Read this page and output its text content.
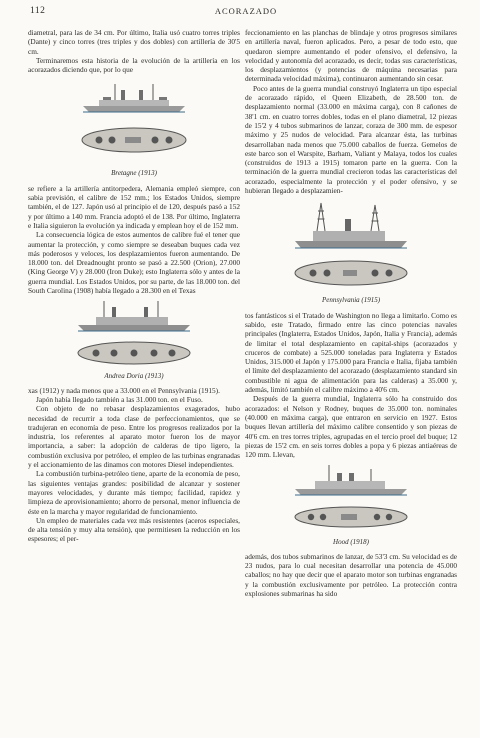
112	ACORAZADO

diametral, para las de 34 cm. Por último, Italia usó cuatro torres triples (Dante) y cinco torres (tres triples y dos dobles) con artillería de 30'5 cm.

Terminaremos esta historia de la evolución de la artillería en los acorazados diciendo que, por lo que

Bretagne (1913)

se refiere a la artillería antitorpedera, Alemania empleó siempre, con sabia previsión, el calibre de 152 mm.; los Estados Unidos, siempre también, el de 127. Japón usó al principio el de 120, después pasó a 152 y por último a 140 mm. Francia adoptó el de 138. Por último, Inglaterra e Italia siguieron la evolución ya indicada y emplean hoy el de 152 mm.

La consecuencia lógica de estos aumentos de calibre fué el tener que aumentar la protección, y como siempre se deseaban buques cada vez más poderosos y veloces, los desplazamientos fueron aumentando. De 18.000 ton. del Dreadnought pronto se pasó a 22.500 (Orion), 27.000 (King George V) y 28.000 (Iron Duke); esto Inglaterra sólo y antes de la guerra mundial. Los Estados Unidos, por su parte, de las 18.000 ton. del South Carolina (1908) había llegado a 28.300 en el Texas

Andrea Doria (1913)

xas (1912) y nada menos que a 33.000 en el Pennsylvania (1915).

Japón había llegado también a las 31.000 ton. en el Fuso.

Con objeto de no rebasar desplazamientos exagerados, hubo necesidad de recurrir a toda clase de perfeccionamientos, que se tradujeran en economía de peso. Entre los progresos realizados por la industria, los referentes al aparato motor fueron los de mayor importancia, a saber: la adopción de calderas de tipo ligero, la combustión exclusiva por petróleo, el empleo de las turbinas engranadas y el accionamiento de las dinamos con motores Diesel independientes.

La combustión turbina-petróleo tiene, aparte de la economía de peso, las siguientes ventajas grandes: posibilidad de alcanzar y sostener mayores velocidades, y durante más tiempo; facilidad, rapidez y limpieza de aprovisionamiento; ahorro de personal, menor influencia de éste en la marcha y mayor regularidad de funcionamiento.

Un empleo de materiales cada vez más resistentes (aceros especiales, de alta tensión y muy alta tensión), que permitiesen la reducción en los espesores; el per-

feccionamiento en las planchas de blindaje y otros progresos similares en artillería naval, fueron aplicados. Pero, a pesar de todo esto, que quedaron siempre aumentando el poder ofensivo, el defensivo, la velocidad y autonomía del acorazado, es decir, todas sus características, los desplazamientos (y potencias de máquina necesarias para determinada velocidad máxima), continuaron aumentando sin cesar.

Poco antes de la guerra mundial construyó Inglaterra un tipo especial de acorazado rápido, el Queen Elizabeth, de 28.500 ton. de desplazamiento normal (33.000 en máxima carga), con 8 cañones de 38'1 cm. en cuatro torres dobles, todas en el plano diametral, 12 piezas de 15'2 y 4 tubos submarinos de lanzar, coraza de 300 mm. de espesor máximo y 25 nudos de velocidad. Para alcanzar ésta, las turbinas desarrollaban nada menos que 75.000 caballos de fuerza. Gemelos de este barco son el Warspite, Barham, Valiant y Malaya, todos los cuales (construidos de 1913 a 1915) tomaron parte en la guerra. Con la terminación de la guerra mundial crecieron todas las características del acorazado, especialmente la protección y el poder ofensivo, y se hubieran llegado a desplazamien-

Pennsylvania (1915)

tos fantásticos si el Tratado de Washington no llega a limitarlo. Como es sabido, este Tratado, firmado entre las cinco potencias navales principales (Inglaterra, Estados Unidos, Japón, Italia y Francia), además de limitar el total desplazamiento en capital-ships (acorazados y cruceros de combate) a 525.000 toneladas para Inglaterra y Estados Unidos, 315.000 el Japón y 175.000 para Francia e Italia, fijaba también el límite del desplazamiento del acorazado (desplazamiento standard sin combustible ni agua de alimentación para las calderas) a 35.000 y, además, limitó también el calibre máximo a 40'6 cm.

Después de la guerra mundial, Inglaterra sólo ha construido dos acorazados: el Nelson y Rodney, buques de 35.000 ton. nominales (40.000 en máxima carga), que entraron en servicio en 1927. Estos buques llevan artillería del máximo calibre consentido y son piezas de 40'6 cm. en tres torres triples, agrupadas en el tercio proel del buque; 12 piezas de 15'2 cm. en seis torres dobles a popa y 6 piezas antiaéreas de 120 mm. Llevan,

Hood (1918)

además, dos tubos submarinos de lanzar, de 53'3 cm. Su velocidad es de 23 nudos, para lo cual necesitan desarrollar una potencia de 45.000 caballos; no hay que decir que el aparato motor son turbinas engranadas y la combustión exclusivamente por petróleo. La protección contra explosiones submarinas ha sido
